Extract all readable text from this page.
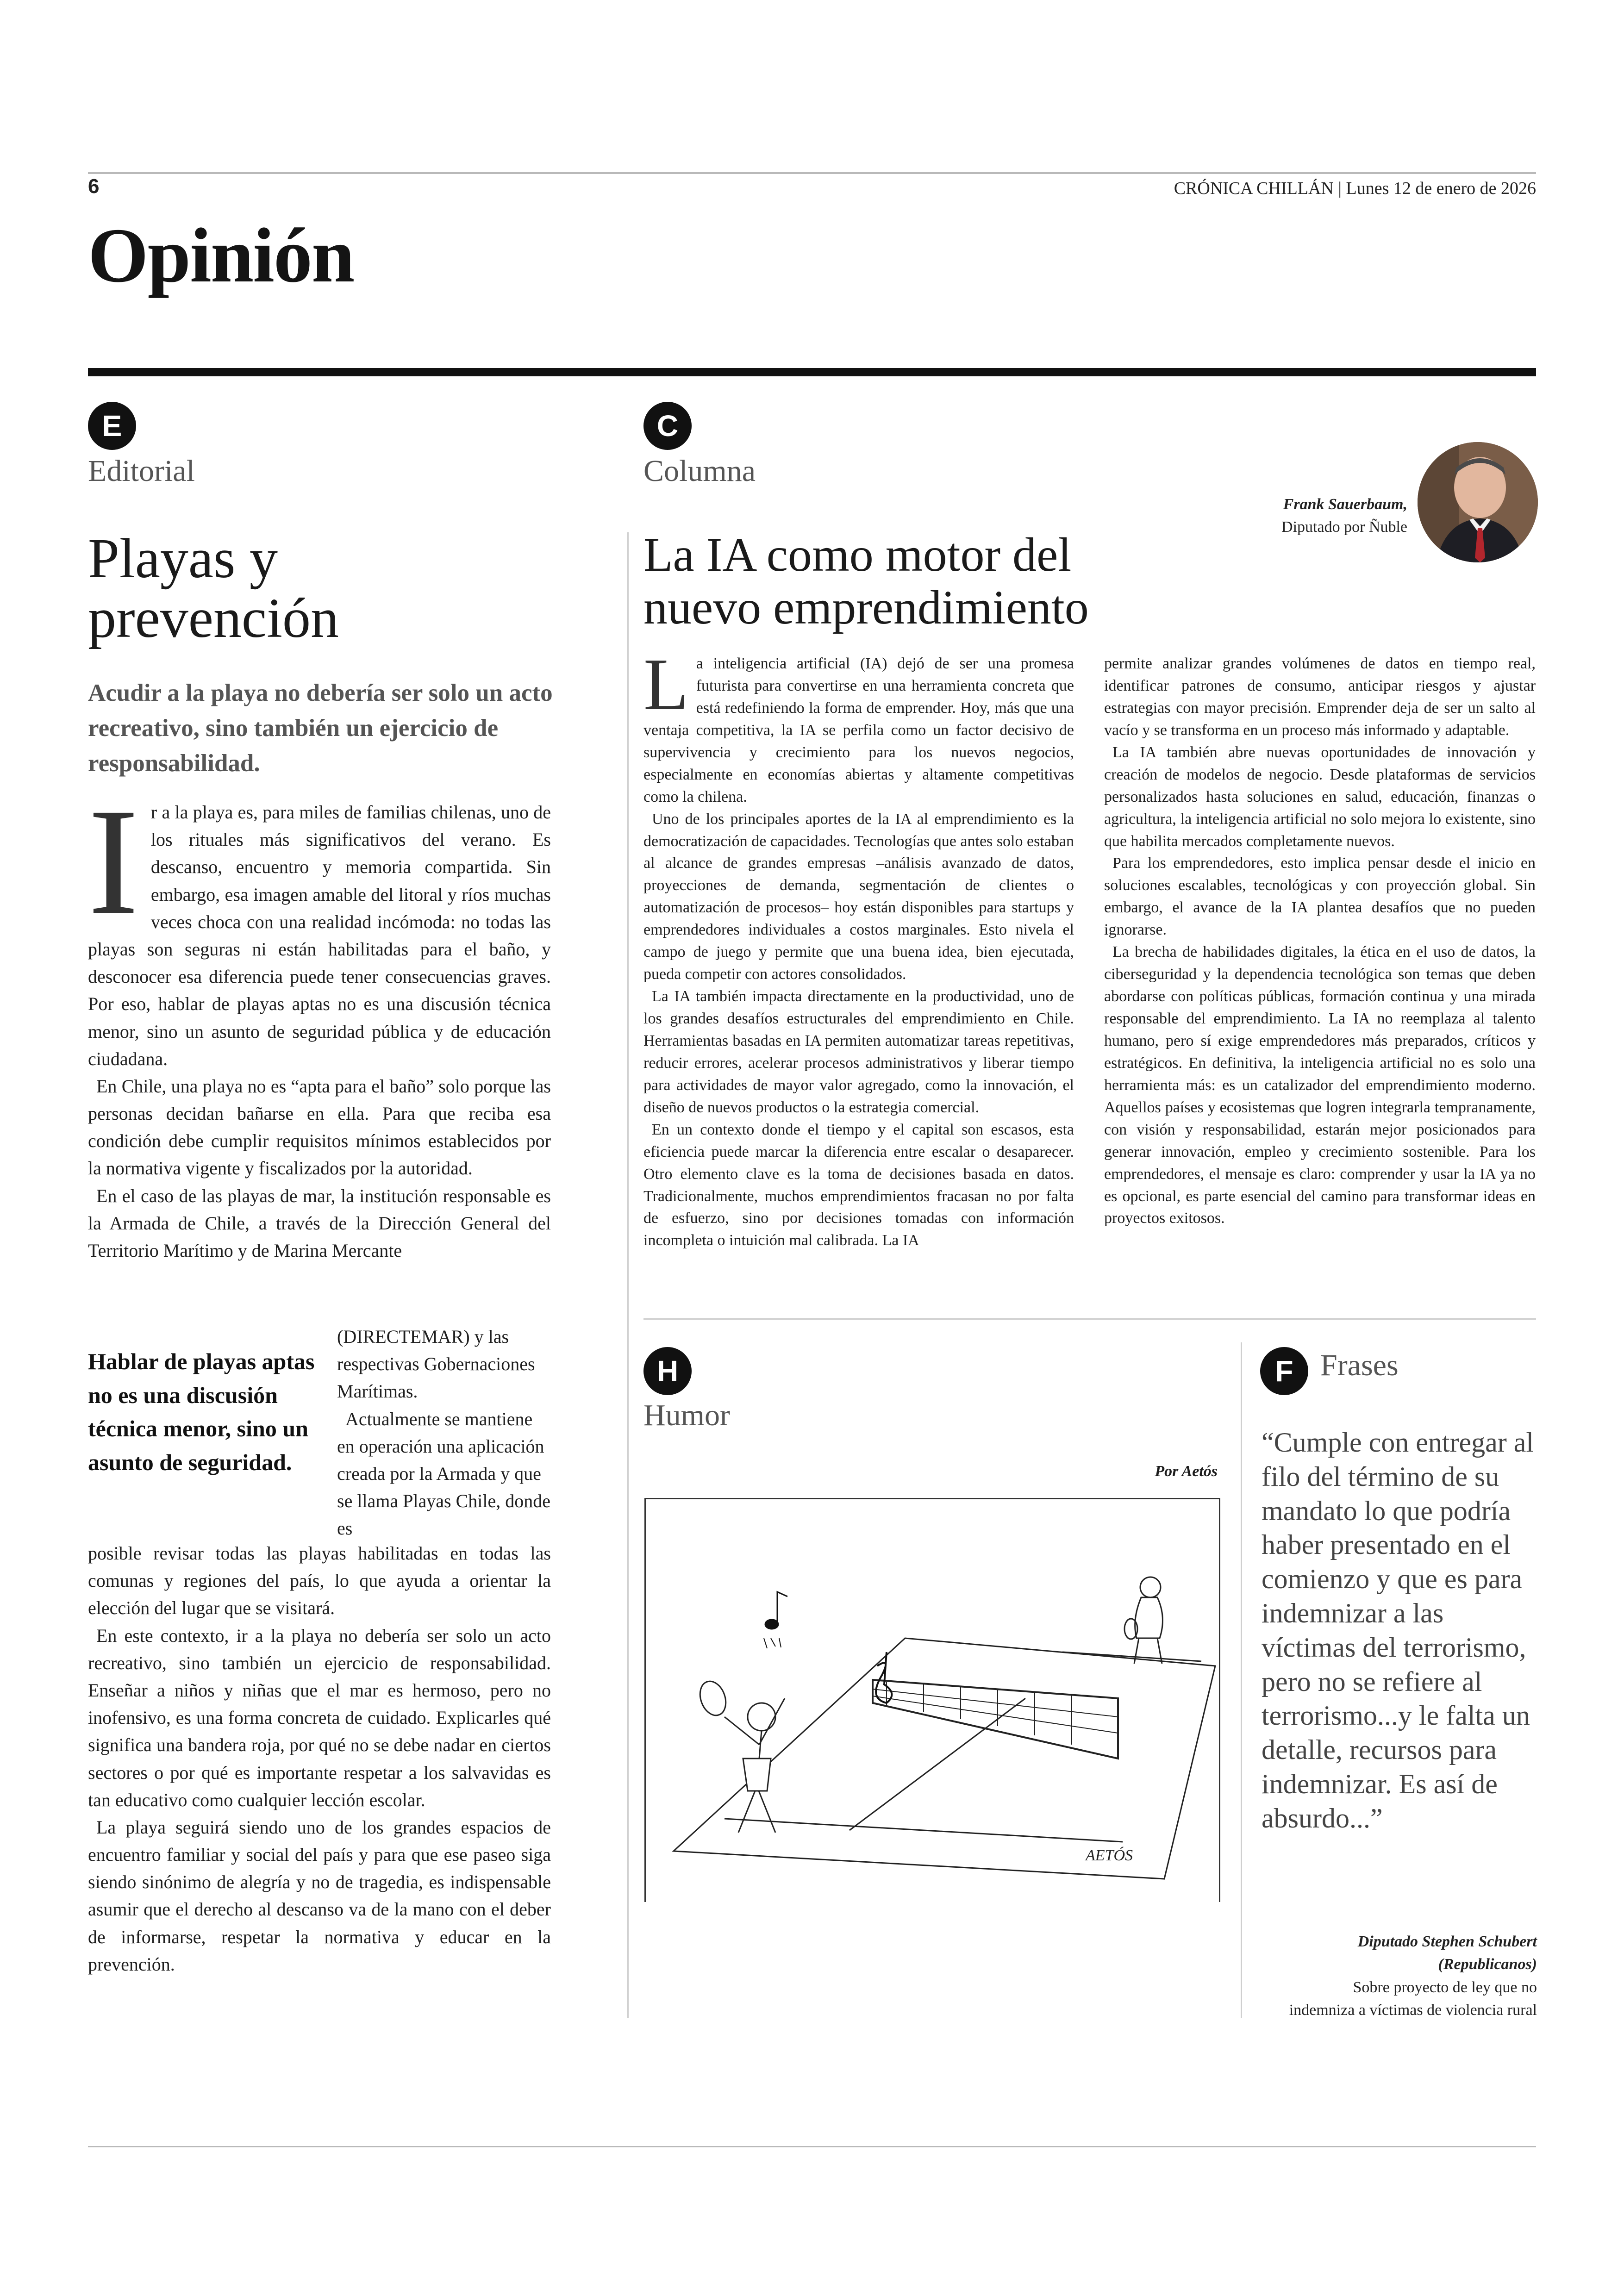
6	CRÓNICA CHILLÁN | Lunes 12 de enero de 2026
Opinión
E
Editorial
Playas y
prevención
Acudir a la playa no debería ser solo un acto recreativo, sino también un ejercicio de responsabilidad.

Ir a la playa es, para miles de familias chilenas, uno de los rituales más significativos del verano. Es descanso, encuentro y memoria compartida. Sin embargo, esa imagen amable del litoral y ríos muchas veces choca con una realidad incómoda: no todas las playas son seguras ni están habilitadas para el baño, y desconocer esa diferencia puede tener consecuencias graves. Por eso, hablar de playas aptas no es una discusión técnica menor, sino un asunto de seguridad pública y de educación ciudadana.

En Chile, una playa no es “apta para el baño” solo porque las personas decidan bañarse en ella. Para que reciba esa condición debe cumplir requisitos mínimos establecidos por la normativa vigente y fiscalizados por la autoridad.

En el caso de las playas de mar, la institución responsable es la Armada de Chile, a través de la Dirección General del Territorio Marítimo y de Marina Mercante

Hablar de playas aptas no es una discusión técnica menor, sino un asunto de seguridad.

(DIRECTEMAR) y las respectivas Gobernaciones Marítimas.

Actualmente se mantiene en operación una aplicación creada por la Armada y que se llama Playas Chile, donde es

posible revisar todas las playas habilitadas en todas las comunas y regiones del país, lo que ayuda a orientar la elección del lugar que se visitará.

En este contexto, ir a la playa no debería ser solo un acto recreativo, sino también un ejercicio de responsabilidad. Enseñar a niños y niñas que el mar es hermoso, pero no inofensivo, es una forma concreta de cuidado. Explicarles qué significa una bandera roja, por qué no se debe nadar en ciertos sectores o por qué es importante respetar a los salvavidas es tan educativo como cualquier lección escolar.

La playa seguirá siendo uno de los grandes espacios de encuentro familiar y social del país y para que ese paseo siga siendo sinónimo de alegría y no de tragedia, es indispensable asumir que el derecho al descanso va de la mano con el deber de informarse, respetar la normativa y educar en la prevención.

C
Columna
Frank Sauerbaum,
Diputado por Ñuble
La IA como motor del
nuevo emprendimiento

La inteligencia artificial (IA) dejó de ser una promesa futurista para convertirse en una herramienta concreta que está redefiniendo la forma de emprender. Hoy, más que una ventaja competitiva, la IA se perfila como un factor decisivo de supervivencia y crecimiento para los nuevos negocios, especialmente en economías abiertas y altamente competitivas como la chilena.

Uno de los principales aportes de la IA al emprendimiento es la democratización de capacidades. Tecnologías que antes solo estaban al alcance de grandes empresas –análisis avanzado de datos, proyecciones de demanda, segmentación de clientes o automatización de procesos– hoy están disponibles para startups y emprendedores individuales a costos marginales. Esto nivela el campo de juego y permite que una buena idea, bien ejecutada, pueda competir con actores consolidados.

La IA también impacta directamente en la productividad, uno de los grandes desafíos estructurales del emprendimiento en Chile. Herramientas basadas en IA permiten automatizar tareas repetitivas, reducir errores, acelerar procesos administrativos y liberar tiempo para actividades de mayor valor agregado, como la innovación, el diseño de nuevos productos o la estrategia comercial.

En un contexto donde el tiempo y el capital son escasos, esta eficiencia puede marcar la diferencia entre escalar o desaparecer. Otro elemento clave es la toma de decisiones basada en datos. Tradicionalmente, muchos emprendimientos fracasan no por falta de esfuerzo, sino por decisiones tomadas con información incompleta o intuición mal calibrada. La IA

permite analizar grandes volúmenes de datos en tiempo real, identificar patrones de consumo, anticipar riesgos y ajustar estrategias con mayor precisión. Emprender deja de ser un salto al vacío y se transforma en un proceso más informado y adaptable.

La IA también abre nuevas oportunidades de innovación y creación de modelos de negocio. Desde plataformas de servicios personalizados hasta soluciones en salud, educación, finanzas o agricultura, la inteligencia artificial no solo mejora lo existente, sino que habilita mercados completamente nuevos.

Para los emprendedores, esto implica pensar desde el inicio en soluciones escalables, tecnológicas y con proyección global. Sin embargo, el avance de la IA plantea desafíos que no pueden ignorarse.

La brecha de habilidades digitales, la ética en el uso de datos, la ciberseguridad y la dependencia tecnológica son temas que deben abordarse con políticas públicas, formación continua y una mirada responsable del emprendimiento. La IA no reemplaza al talento humano, pero sí exige emprendedores más preparados, críticos y estratégicos. En definitiva, la inteligencia artificial no es solo una herramienta más: es un catalizador del emprendimiento moderno. Aquellos países y ecosistemas que logren integrarla tempranamente, con visión y responsabilidad, estarán mejor posicionados para generar innovación, empleo y crecimiento sostenible. Para los emprendedores, el mensaje es claro: comprender y usar la IA ya no es opcional, es parte esencial del camino para transformar ideas en proyectos exitosos.

H
Humor
Por Aetós
AETÓS
F Frases
“Cumple con entregar al filo del término de su mandato lo que podría haber presentado en el comienzo y que es para indemnizar a las víctimas del terrorismo, pero no se refiere al terrorismo...y le falta un detalle, recursos para indemnizar. Es así de absurdo...”
Diputado Stephen Schubert
(Republicanos)
Sobre proyecto de ley que no
indemniza a víctimas de violencia rural
